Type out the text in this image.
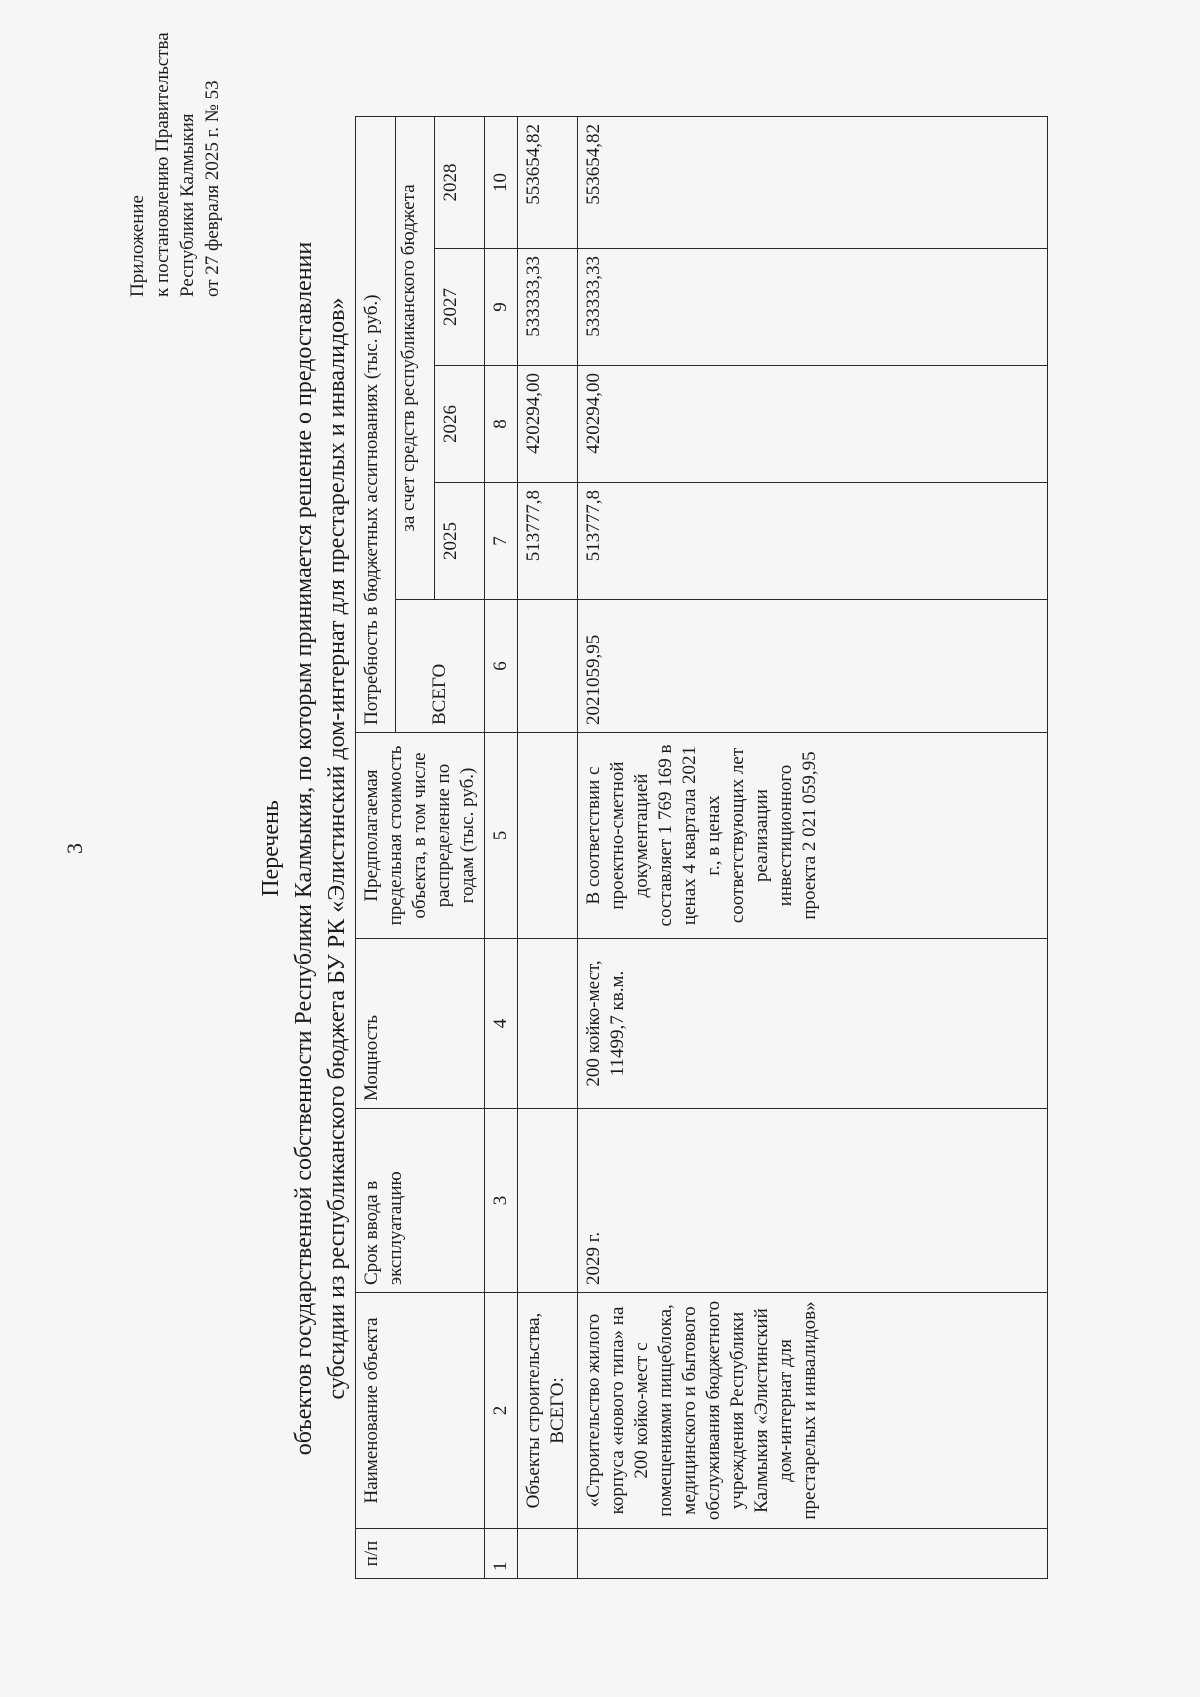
3
Приложение к постановлению Правительства Республики Калмыкия от 27 февраля 2025 г. № 53
Перечень объектов государственной собственности Республики Калмыкия, по которым принимается решение о предоставлении субсидии из республиканского бюджета БУ РК «Элистинский дом-интернат для престарелых и инвалидов»
п/п	Наименование объекта	Срок ввода в эксплуатацию	Мощность	Предполагаемая предельная стоимость объекта, в том числе распределение по годам (тыс. руб.)	Потребность в бюджетных ассигнованиях (тыс. руб.)				
					ВСЕГО	за счет средств республиканского бюджета			
						2025	2026	2027	2028
1	2	3	4	5	6	7	8	9	10
	Объекты строительства, ВСЕГО:					513777,8	420294,00	533333,33	553654,82
	«Строительство жилого корпуса «нового типа» на 200 койко-мест с помещениями пищеблока, медицинского и бытового обслуживания бюджетного учреждения Республики Калмыкия «Элистинский дом-интернат для престарелых и инвалидов»	2029 г.	200 койко-мест, 11499,7 кв.м.	В соответствии с проектно-сметной документацией составляет 1 769 169 в ценах 4 квартала 2021 г., в ценах соответствующих лет реализации инвестиционного проекта 2 021 059,95	2021059,95	513777,8	420294,00	533333,33	553654,82
